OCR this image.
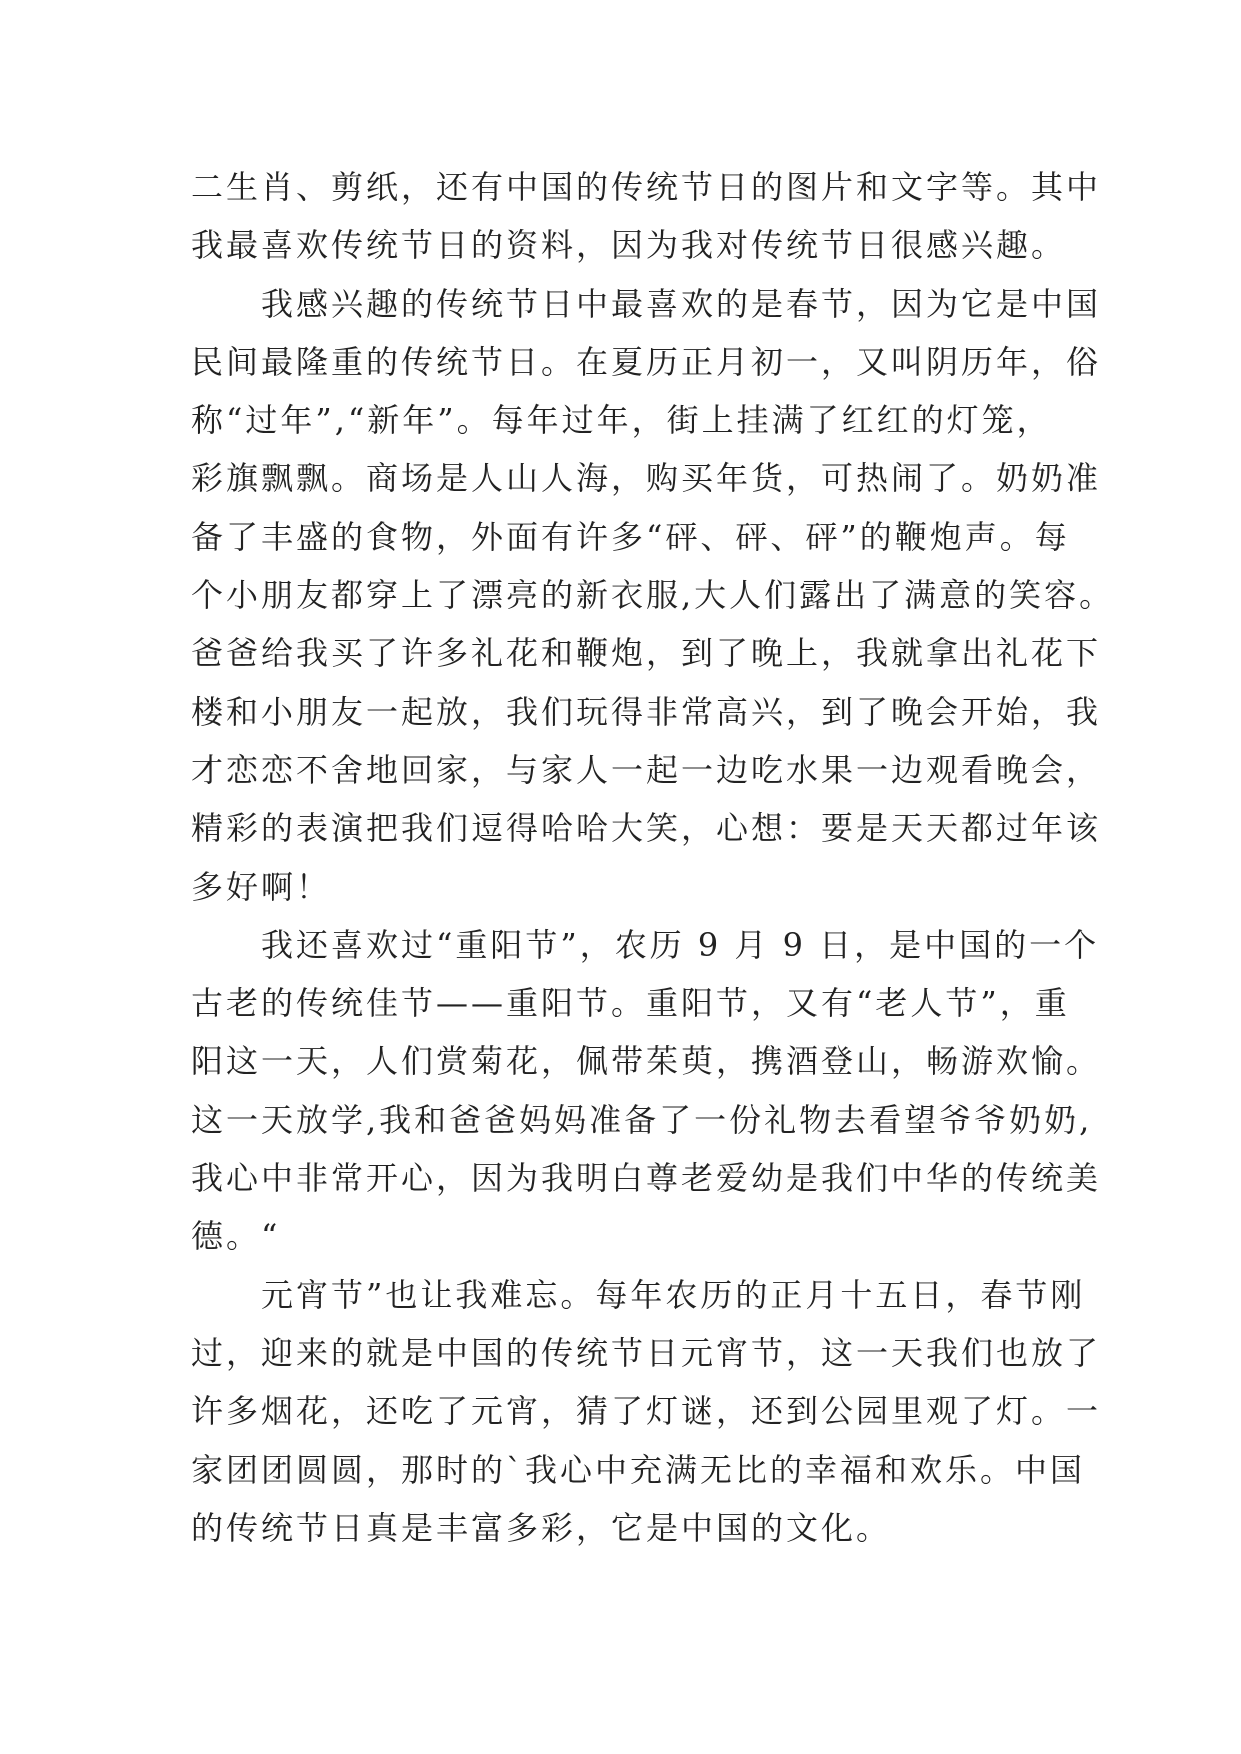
二生肖、剪纸，还有中国的传统节日的图片和文字等。其中
我最喜欢传统节日的资料，因为我对传统节日很感兴趣。
　　我感兴趣的传统节日中最喜欢的是春节，因为它是中国
民间最隆重的传统节日。在夏历正月初一，又叫阴历年，俗
称“过年”,“新年”。每年过年，街上挂满了红红的灯笼，
彩旗飘飘。商场是人山人海，购买年货，可热闹了。奶奶准
备了丰盛的食物，外面有许多“砰、砰、砰”的鞭炮声。每
个小朋友都穿上了漂亮的新衣服,大人们露出了满意的笑容。
爸爸给我买了许多礼花和鞭炮，到了晚上，我就拿出礼花下
楼和小朋友一起放，我们玩得非常高兴，到了晚会开始，我
才恋恋不舍地回家，与家人一起一边吃水果一边观看晚会，
精彩的表演把我们逗得哈哈大笑，心想：要是天天都过年该
多好啊！
　　我还喜欢过“重阳节”，农历 9 月 9 日，是中国的一个
古老的传统佳节——重阳节。重阳节，又有“老人节”，重
阳这一天，人们赏菊花，佩带茱萸，携酒登山，畅游欢愉。
这一天放学,我和爸爸妈妈准备了一份礼物去看望爷爷奶奶,
我心中非常开心，因为我明白尊老爱幼是我们中华的传统美
德。“
　　元宵节”也让我难忘。每年农历的正月十五日，春节刚
过，迎来的就是中国的传统节日元宵节，这一天我们也放了
许多烟花，还吃了元宵，猜了灯谜，还到公园里观了灯。一
家团团圆圆，那时的`我心中充满无比的幸福和欢乐。中国
的传统节日真是丰富多彩，它是中国的文化。
